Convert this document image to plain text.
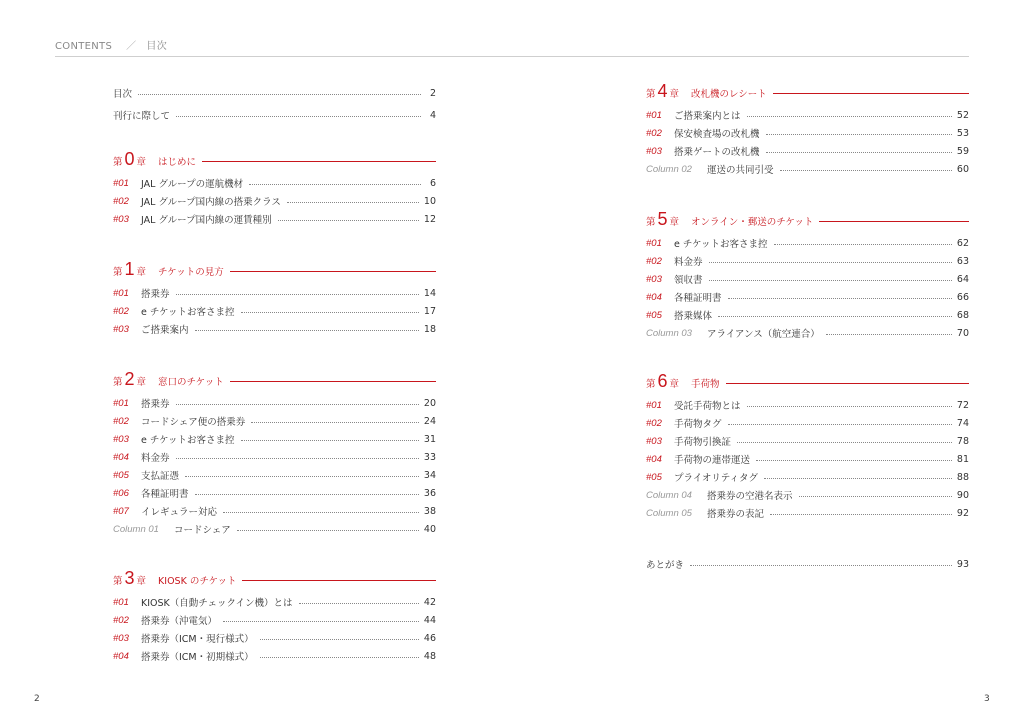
CONTENTS ／ 目次
目次	2
刊行に際して	4
第 0 章 はじめに
#01	JAL グループの運航機材	6
#02	JAL グループ国内線の搭乗クラス	10
#03	JAL グループ国内線の運賃種別	12
第 1 章 チケットの見方
#01	搭乗券	14
#02	e チケットお客さま控	17
#03	ご搭乗案内	18
第 2 章 窓口のチケット
#01	搭乗券	20
#02	コードシェア便の搭乗券	24
#03	e チケットお客さま控	31
#04	料金券	33
#05	支払証憑	34
#06	各種証明書	36
#07	イレギュラー対応	38
Column 01	コードシェア	40
第 3 章 KIOSK のチケット
#01	KIOSK（自動チェックイン機）とは	42
#02	搭乗券（沖電気）	44
#03	搭乗券（ICM・現行様式）	46
#04	搭乗券（ICM・初期様式）	48
第 4 章 改札機のレシート
#01	ご搭乗案内とは	52
#02	保安検査場の改札機	53
#03	搭乗ゲートの改札機	59
Column 02	運送の共同引受	60
第 5 章 オンライン・郵送のチケット
#01	e チケットお客さま控	62
#02	料金券	63
#03	領収書	64
#04	各種証明書	66
#05	搭乗媒体	68
Column 03	アライアンス（航空連合）	70
第 6 章 手荷物
#01	受託手荷物とは	72
#02	手荷物タグ	74
#03	手荷物引換証	78
#04	手荷物の連帯運送	81
#05	プライオリティタグ	88
Column 04	搭乗券の空港名表示	90
Column 05	搭乗券の表記	92
あとがき	93
2	3
